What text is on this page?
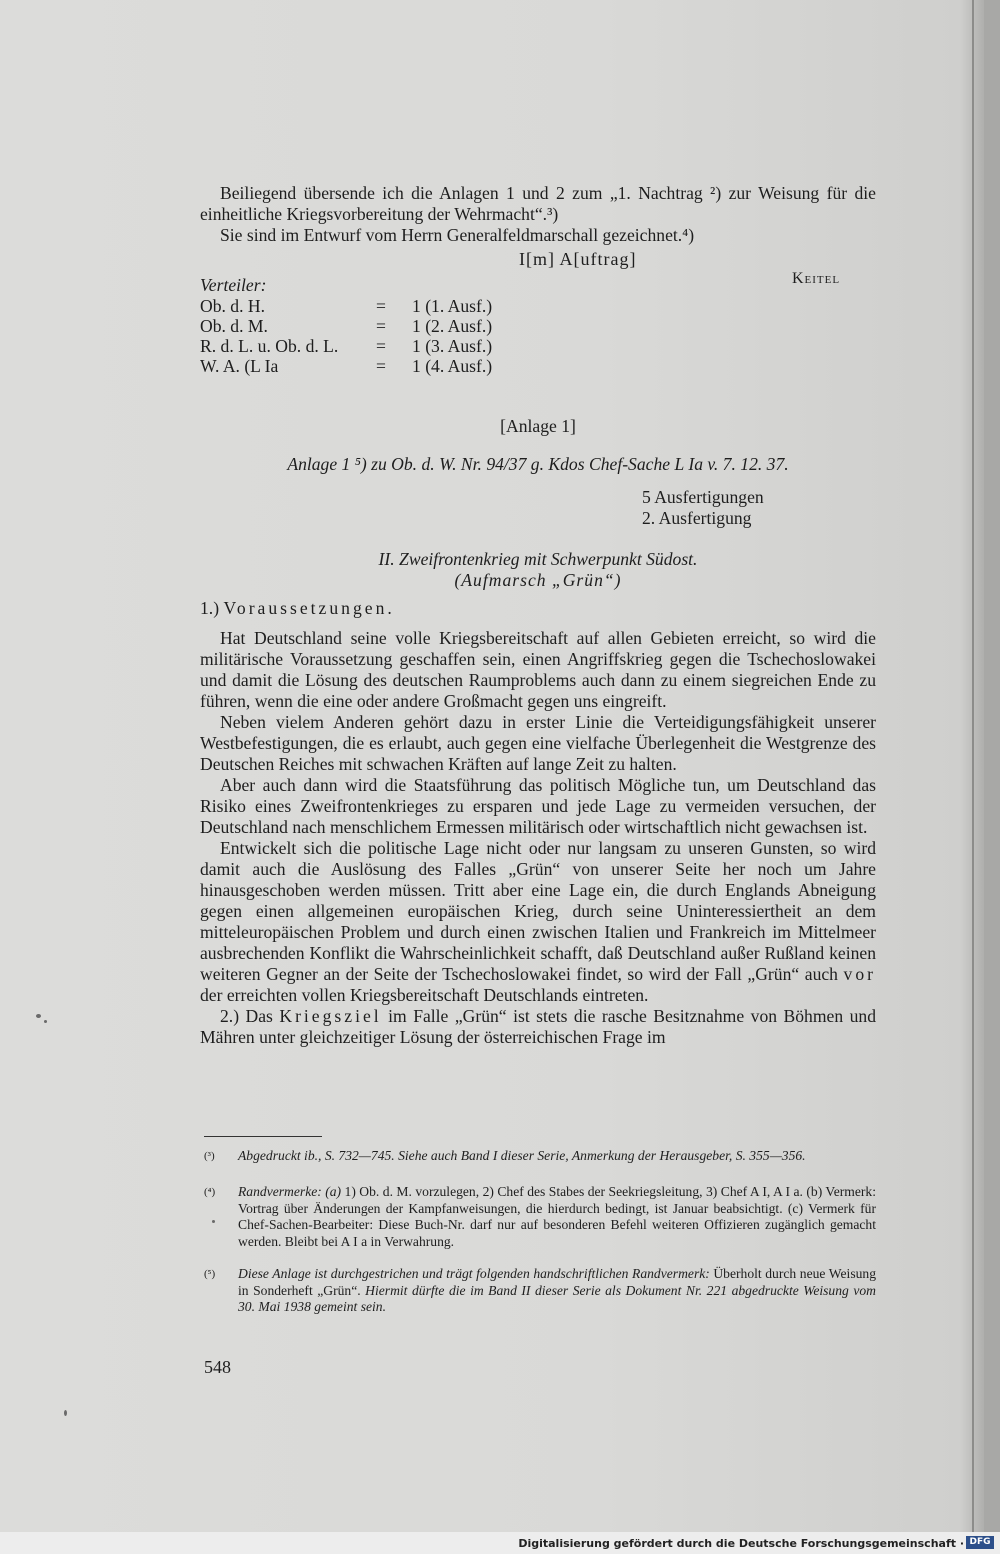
Beiliegend übersende ich die Anlagen 1 und 2 zum „1. Nachtrag ²) zur Weisung für die einheitliche Kriegsvorbereitung der Wehrmacht“.³)
Sie sind im Entwurf vom Herrn Generalfeldmarschall gezeichnet.⁴)
I[m] A[uftrag]
Keitel
Verteiler:
Ob. d. H.	= 1 (1. Ausf.)
Ob. d. M.	= 1 (2. Ausf.)
R. d. L. u. Ob. d. L. = 1 (3. Ausf.)
W. A. (L Ia	= 1 (4. Ausf.)
[Anlage 1]
Anlage 1 ⁵) zu Ob. d. W. Nr. 94/37 g. Kdos Chef-Sache L Ia v. 7. 12. 37.
5 Ausfertigungen
2. Ausfertigung
II. Zweifrontenkrieg mit Schwerpunkt Südost.
(Aufmarsch „Grün“)
1.) Voraussetzungen.
Hat Deutschland seine volle Kriegsbereitschaft auf allen Gebieten erreicht, so wird die militärische Voraussetzung geschaffen sein, einen Angriffskrieg gegen die Tschechoslowakei und damit die Lösung des deutschen Raumproblems auch dann zu einem siegreichen Ende zu führen, wenn die eine oder andere Großmacht gegen uns eingreift.
Neben vielem Anderen gehört dazu in erster Linie die Verteidigungsfähigkeit unserer Westbefestigungen, die es erlaubt, auch gegen eine vielfache Überlegenheit die Westgrenze des Deutschen Reiches mit schwachen Kräften auf lange Zeit zu halten.
Aber auch dann wird die Staatsführung das politisch Mögliche tun, um Deutschland das Risiko eines Zweifrontenkrieges zu ersparen und jede Lage zu vermeiden versuchen, der Deutschland nach menschlichem Ermessen militärisch oder wirtschaftlich nicht gewachsen ist.
Entwickelt sich die politische Lage nicht oder nur langsam zu unseren Gunsten, so wird damit auch die Auslösung des Falles „Grün“ von unserer Seite her noch um Jahre hinausgeschoben werden müssen. Tritt aber eine Lage ein, die durch Englands Abneigung gegen einen allgemeinen europäischen Krieg, durch seine Uninteressiertheit an dem mitteleuropäischen Problem und durch einen zwischen Italien und Frankreich im Mittelmeer ausbrechenden Konflikt die Wahrscheinlichkeit schafft, daß Deutschland außer Rußland keinen weiteren Gegner an der Seite der Tschechoslowakei findet, so wird der Fall „Grün“ auch vor der erreichten vollen Kriegsbereitschaft Deutschlands eintreten.
2.) Das Kriegsziel im Falle „Grün“ ist stets die rasche Besitznahme von Böhmen und Mähren unter gleichzeitiger Lösung der österreichischen Frage im
(³) Abgedruckt ib., S. 732—745. Siehe auch Band I dieser Serie, Anmerkung der Herausgeber, S. 355—356.
(⁴) Randvermerke: (a) 1) Ob. d. M. vorzulegen, 2) Chef des Stabes der Seekriegsleitung, 3) Chef A I, A I a. (b) Vermerk: Vortrag über Änderungen der Kampfanweisungen, die hierdurch bedingt, ist Januar beabsichtigt. (c) Vermerk für Chef-Sachen-Bearbeiter: Diese Buch-Nr. darf nur auf besonderen Befehl weiteren Offizieren zugänglich gemacht werden. Bleibt bei A I a in Verwahrung.
(⁵) Diese Anlage ist durchgestrichen und trägt folgenden handschriftlichen Randvermerk: Überholt durch neue Weisung in Sonderheft „Grün“. Hiermit dürfte die im Band II dieser Serie als Dokument Nr. 221 abgedruckte Weisung vom 30. Mai 1938 gemeint sein.
548
Digitalisierung gefördert durch die Deutsche Forschungsgemeinschaft · DFG
